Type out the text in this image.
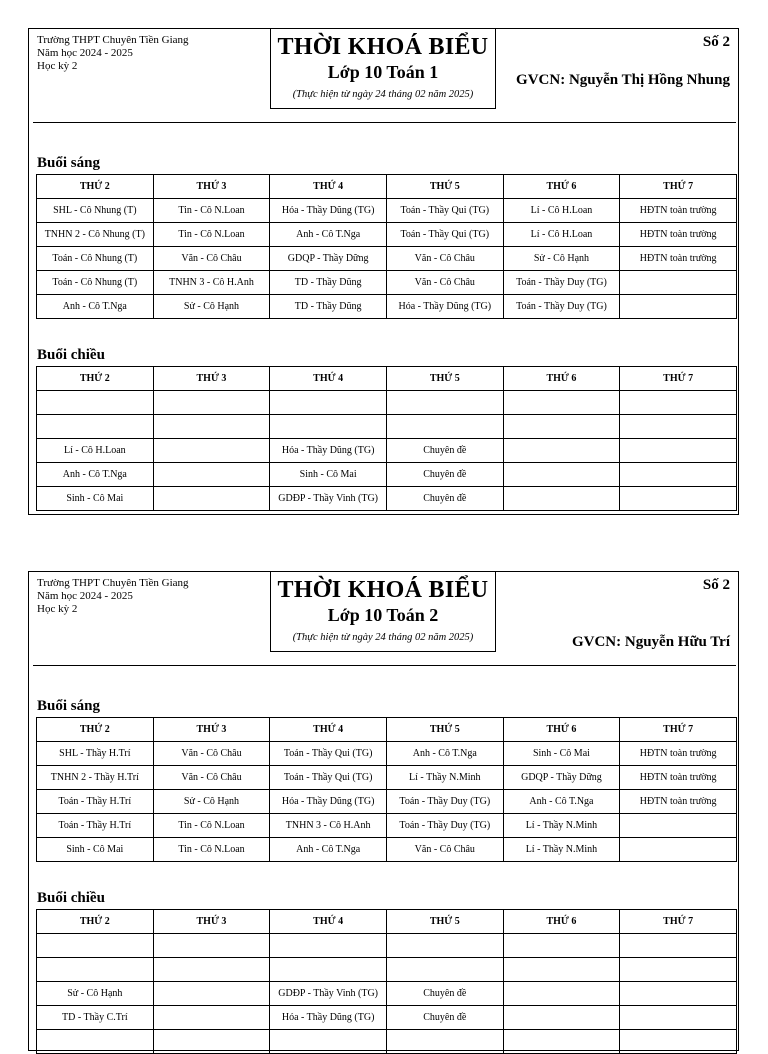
Trường THPT Chuyên Tiền Giang
Năm học 2024 - 2025
Học kỳ 2
THỜI KHOÁ BIỂU
Lớp 10 Toán 1
(Thực hiện từ ngày 24 tháng 02 năm 2025)
Số 2
GVCN: Nguyễn Thị Hồng Nhung
Buổi sáng
THỨ 2	THỨ 3	THỨ 4	THỨ 5	THỨ 6	THỨ 7
SHL - Cô Nhung (T)	Tin - Cô N.Loan	Hóa - Thầy Dũng (TG)	Toán - Thầy Qui (TG)	Lí - Cô H.Loan	HĐTN toàn trường
TNHN 2 - Cô Nhung (T)	Tin - Cô N.Loan	Anh - Cô T.Nga	Toán - Thầy Qui (TG)	Lí - Cô H.Loan	HĐTN toàn trường
Toán - Cô Nhung (T)	Văn - Cô Châu	GDQP - Thầy Dững	Văn - Cô Châu	Sử - Cô Hạnh	HĐTN toàn trường
Toán - Cô Nhung (T)	TNHN 3 - Cô H.Anh	TD - Thầy Dũng	Văn - Cô Châu	Toán - Thầy Duy (TG)	
Anh - Cô T.Nga	Sử - Cô Hạnh	TD - Thầy Dũng	Hóa - Thầy Dũng (TG)	Toán - Thầy Duy (TG)	
Buổi chiều
THỨ 2	THỨ 3	THỨ 4	THỨ 5	THỨ 6	THỨ 7

Lí - Cô H.Loan		Hóa - Thầy Dũng (TG)	Chuyên đề		
Anh - Cô T.Nga		Sinh - Cô Mai	Chuyên đề		
Sinh - Cô Mai		GDĐP - Thầy Vinh (TG)	Chuyên đề		
Trường THPT Chuyên Tiền Giang
Năm học 2024 - 2025
Học kỳ 2
THỜI KHOÁ BIỂU
Lớp 10 Toán 2
(Thực hiện từ ngày 24 tháng 02 năm 2025)
Số 2
GVCN: Nguyễn Hữu Trí
Buổi sáng
THỨ 2	THỨ 3	THỨ 4	THỨ 5	THỨ 6	THỨ 7
SHL - Thầy H.Trí	Văn - Cô Châu	Toán - Thầy Qui (TG)	Anh - Cô T.Nga	Sinh - Cô Mai	HĐTN toàn trường
TNHN 2 - Thầy H.Trí	Văn - Cô Châu	Toán - Thầy Qui (TG)	Lí - Thầy N.Minh	GDQP - Thầy Dững	HĐTN toàn trường
Toán - Thầy H.Trí	Sử - Cô Hạnh	Hóa - Thầy Dũng (TG)	Toán - Thầy Duy (TG)	Anh - Cô T.Nga	HĐTN toàn trường
Toán - Thầy H.Trí	Tin - Cô N.Loan	TNHN 3 - Cô H.Anh	Toán - Thầy Duy (TG)	Lí - Thầy N.Minh	
Sinh - Cô Mai	Tin - Cô N.Loan	Anh - Cô T.Nga	Văn - Cô Châu	Lí - Thầy N.Minh	
Buổi chiều
THỨ 2	THỨ 3	THỨ 4	THỨ 5	THỨ 6	THỨ 7

Sử - Cô Hạnh		GDĐP - Thầy Vinh (TG)	Chuyên đề		
TD - Thầy C.Trí		Hóa - Thầy Dũng (TG)	Chuyên đề		
